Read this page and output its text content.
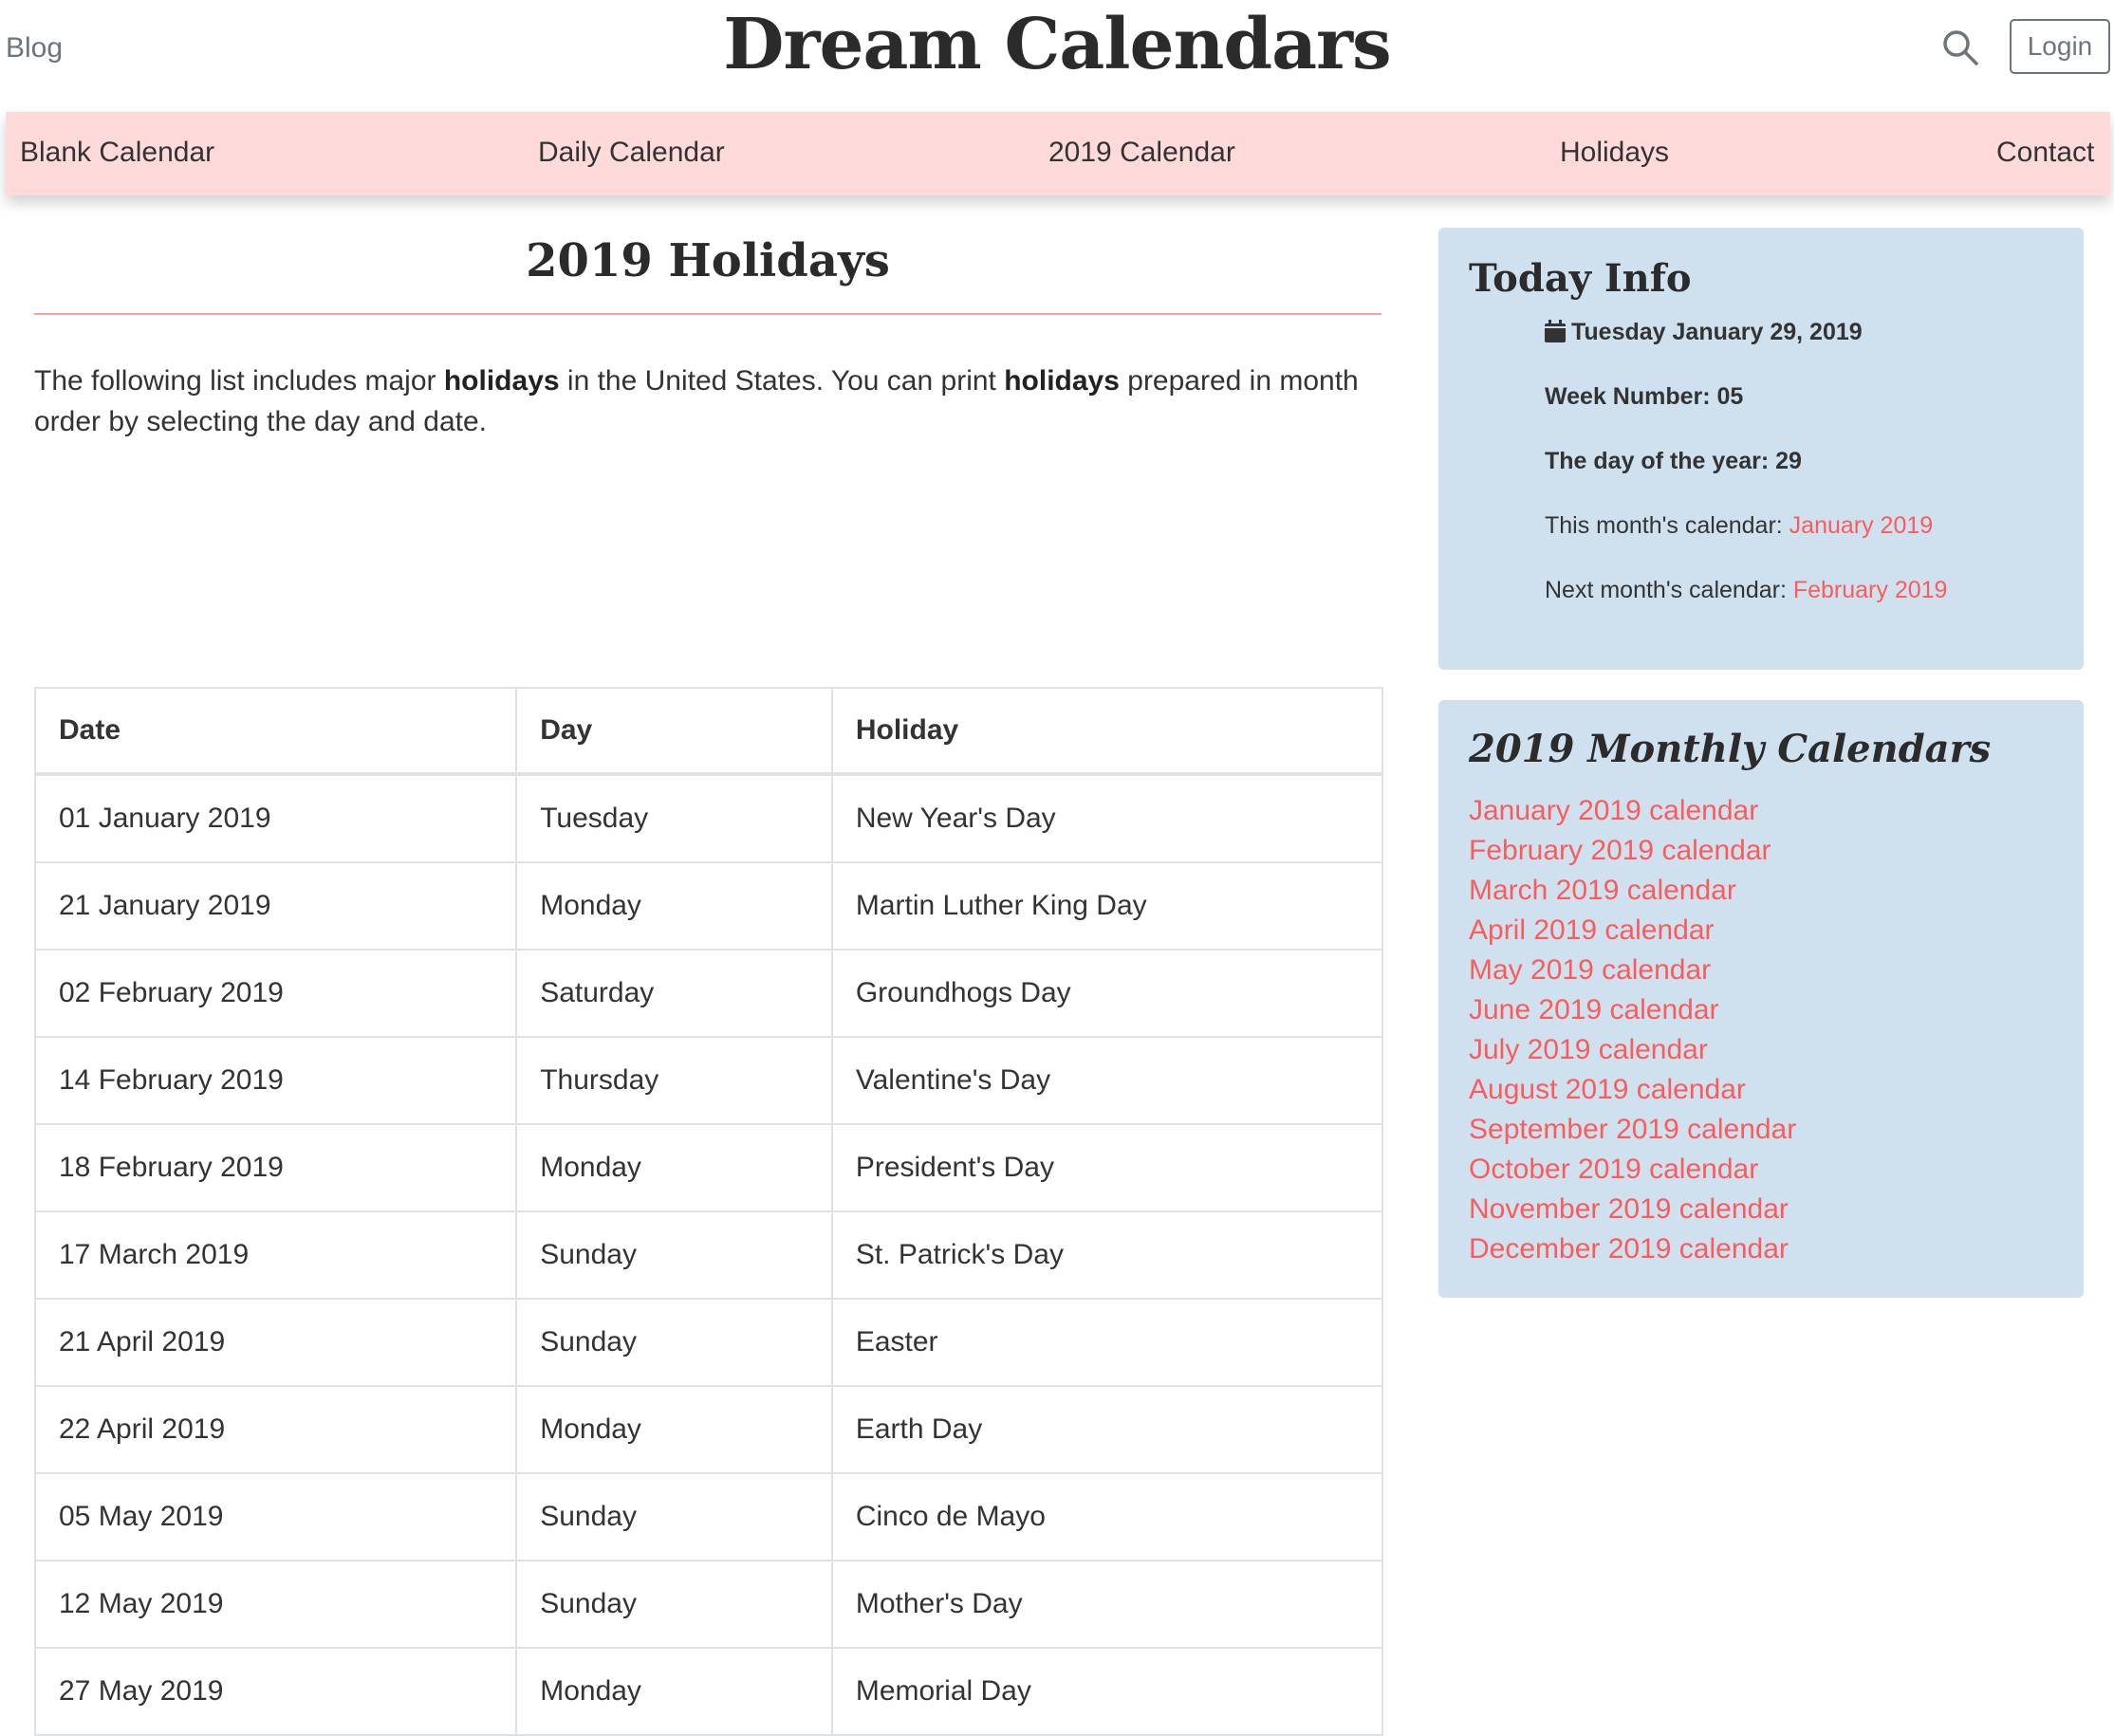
Blog	Dream Calendars	Login
Blank Calendar	Daily Calendar	2019 Calendar	Holidays	Contact
2019 Holidays

The following list includes major holidays in the United States. You can print holidays prepared in month order by selecting the day and date.

Date	Day	Holiday
01 January 2019	Tuesday	New Year's Day
21 January 2019	Monday	Martin Luther King Day
02 February 2019	Saturday	Groundhogs Day
14 February 2019	Thursday	Valentine's Day
18 February 2019	Monday	President's Day
17 March 2019	Sunday	St. Patrick's Day
21 April 2019	Sunday	Easter
22 April 2019	Monday	Earth Day
05 May 2019	Sunday	Cinco de Mayo
12 May 2019	Sunday	Mother's Day
27 May 2019	Monday	Memorial Day
Today Info
Tuesday January 29, 2019
Week Number: 05
The day of the year: 29
This month's calendar: January 2019
Next month's calendar: February 2019
2019 Monthly Calendars
January 2019 calendar
February 2019 calendar
March 2019 calendar
April 2019 calendar
May 2019 calendar
June 2019 calendar
July 2019 calendar
August 2019 calendar
September 2019 calendar
October 2019 calendar
November 2019 calendar
December 2019 calendar
